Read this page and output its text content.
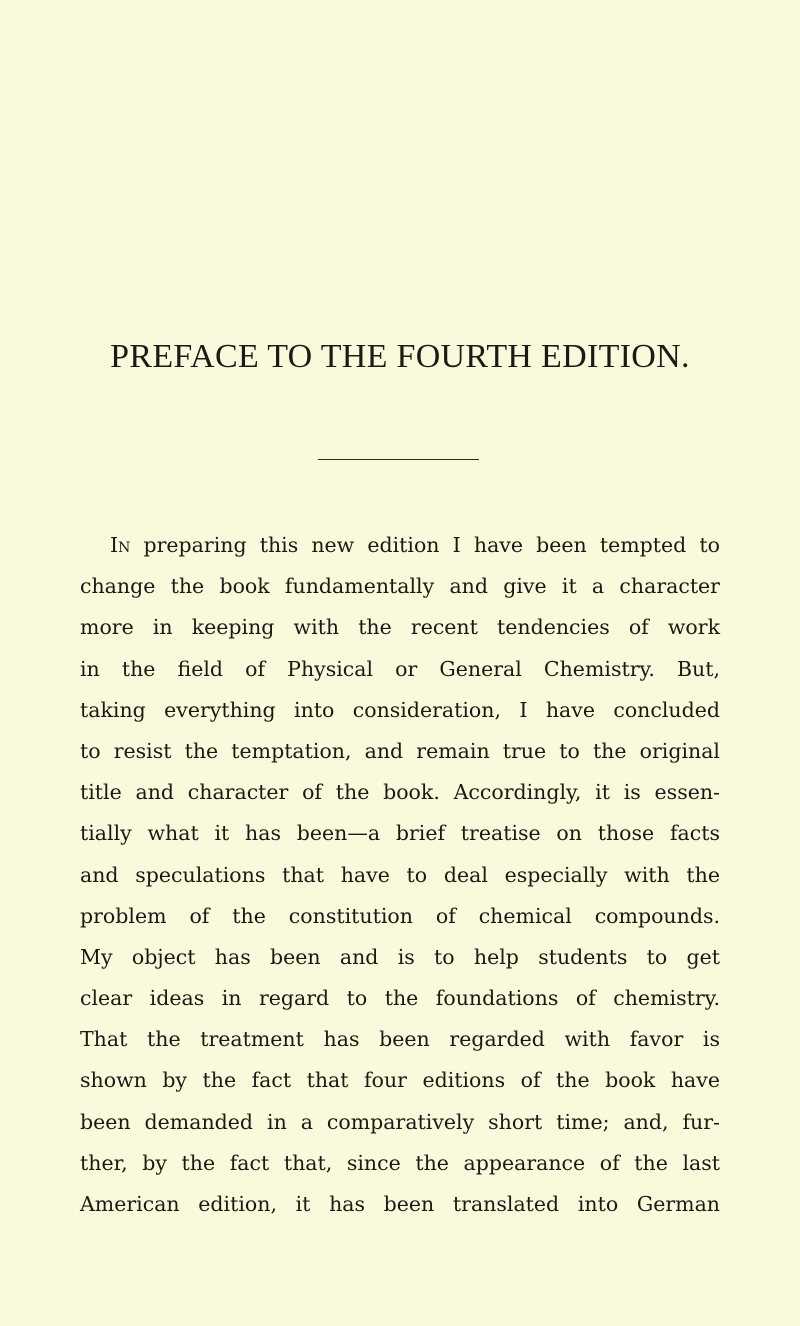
PREFACE TO THE FOURTH EDITION.
In preparing this new edition I have been tempted to
change the book fundamentally and give it a character
more in keeping with the recent tendencies of work
in the field of Physical or General Chemistry. But,
taking everything into consideration, I have concluded
to resist the temptation, and remain true to the original
title and character of the book. Accordingly, it is essen-
tially what it has been—a brief treatise on those facts
and speculations that have to deal especially with the
problem of the constitution of chemical compounds.
My object has been and is to help students to get
clear ideas in regard to the foundations of chemistry.
That the treatment has been regarded with favor is
shown by the fact that four editions of the book have
been demanded in a comparatively short time; and, fur-
ther, by the fact that, since the appearance of the last
American edition, it has been translated into German
